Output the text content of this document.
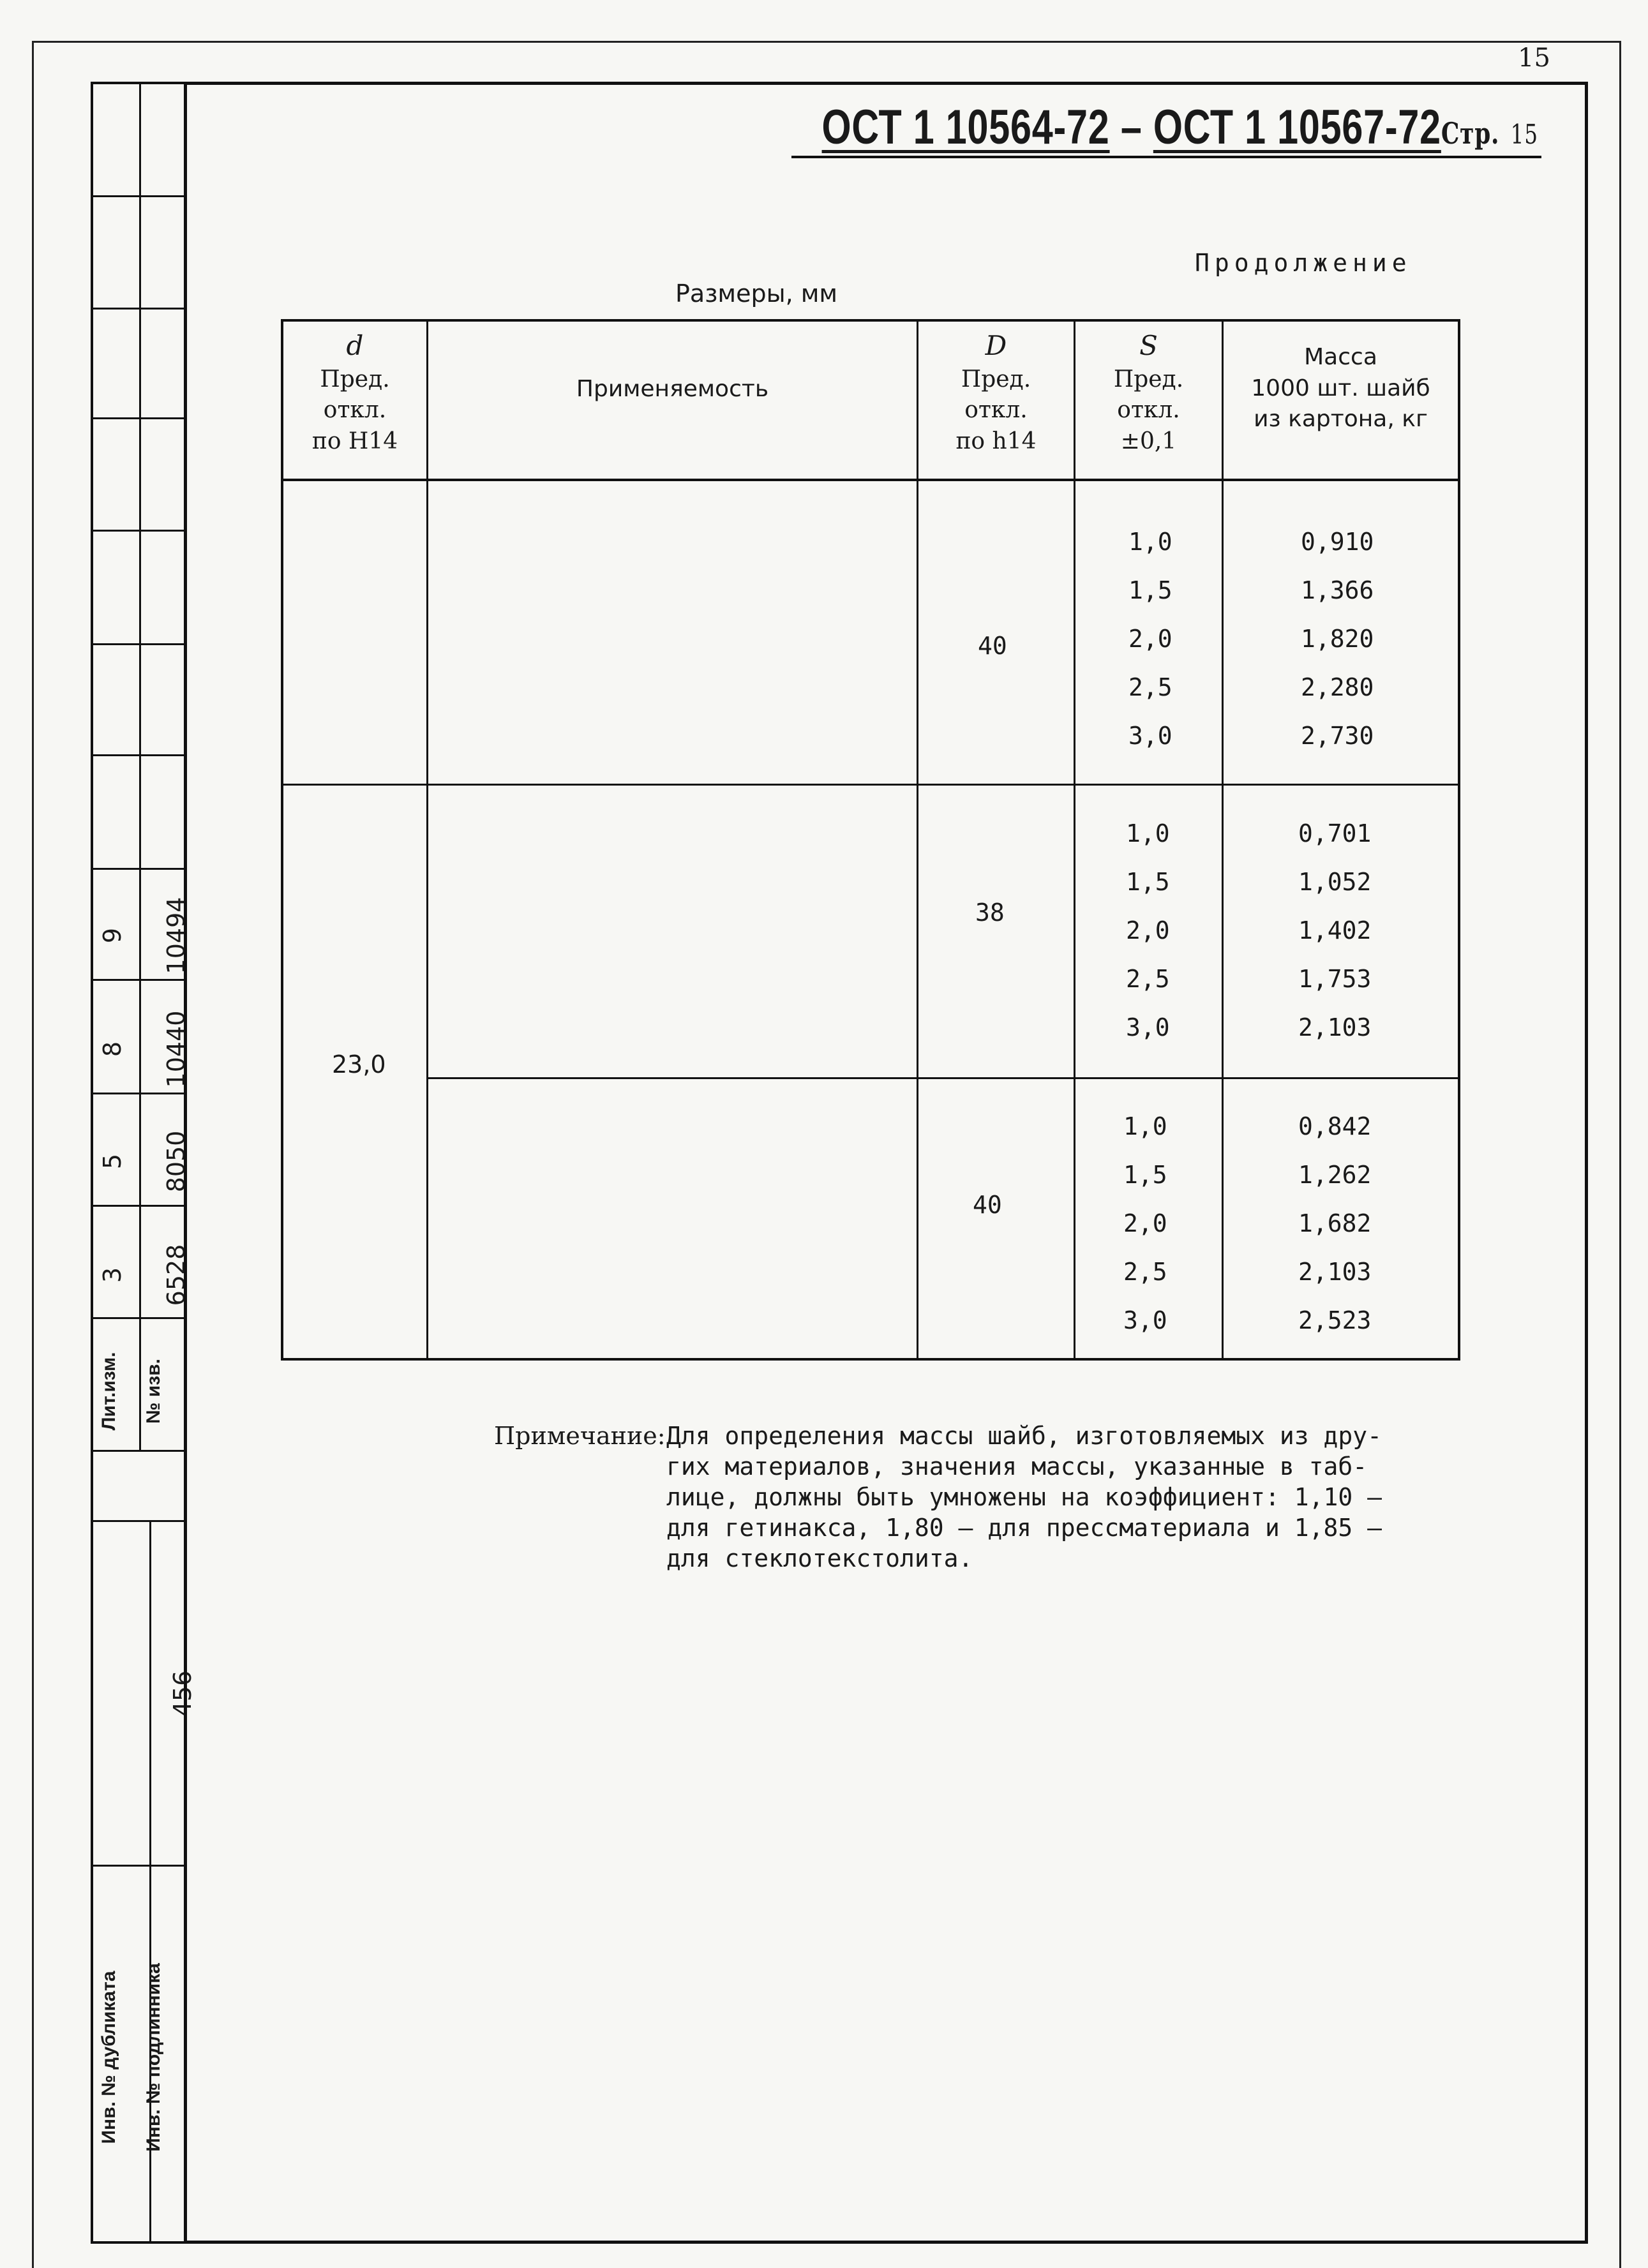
15
9 10494
8 10440
5 8050
3 6528
Лит.изм.	№ изв.
456
Инв. № дубликата	Инв. № подлинника
ОСТ 1 10564-72 – ОСТ 1 10567-72Стр. 15
Продолжение
Размеры, мм
d
Пред.
откл.
по H14
Применяемость
D
Пред.
откл.
по h14
S
Пред.
откл.
±0,1
Масса
1000 шт. шайб
из картона, кг
23,0
40
1,0
1,5
2,0
2,5
3,0
0,910
1,366
1,820
2,280
2,730
38
1,0
1,5
2,0
2,5
3,0
0,701
1,052
1,402
1,753
2,103
40
1,0
1,5
2,0
2,5
3,0
0,842
1,262
1,682
2,103
2,523
Примечание: Для определения массы шайб, изготовляемых из дру-
гих материалов, значения массы, указанные в таб-
лице, должны быть умножены на коэффициент: 1,10 –
для гетинакса, 1,80 – для прессматериала и 1,85 –
для стеклотекстолита.
